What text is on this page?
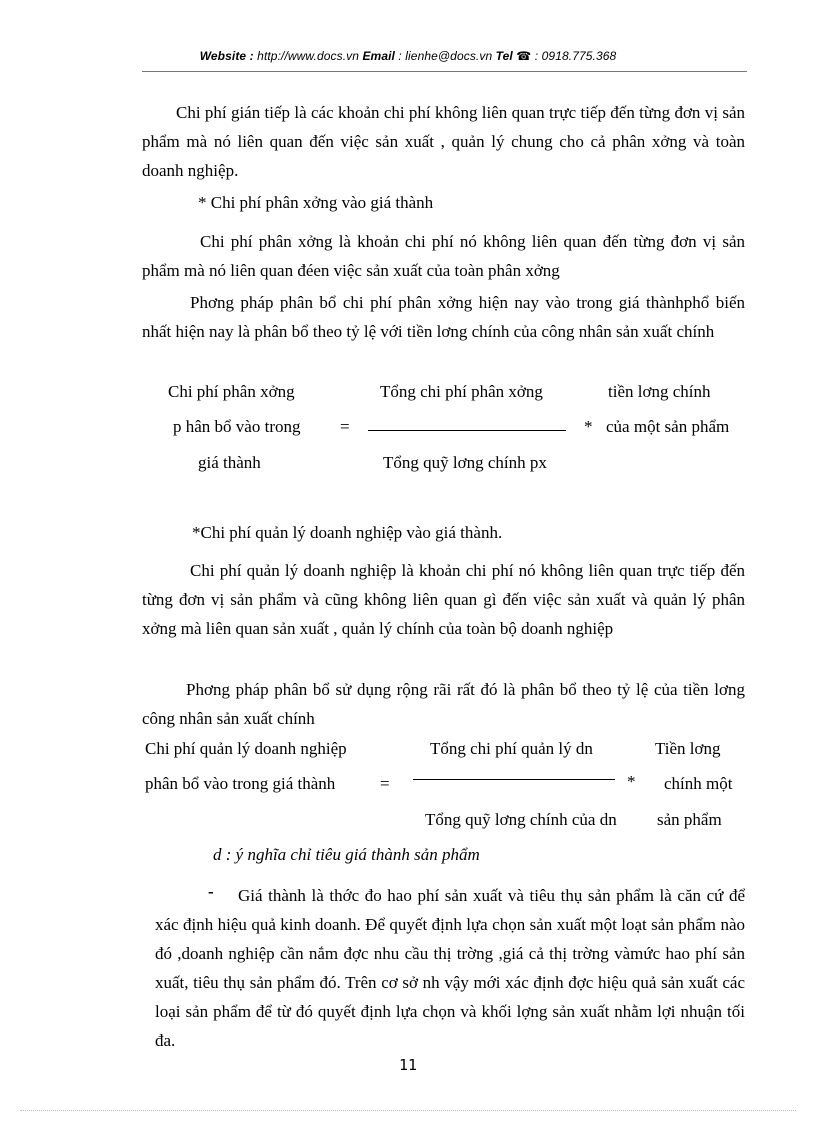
Website : http://www.docs.vn Email : lienhe@docs.vn Tel ☎ : 0918.775.368

Chi phí gián tiếp là các khoản chi phí không liên quan trực tiếp đến từng đơn vị sản phẩm mà nó liên quan đến việc sản xuất , quản lý chung cho cả phân xởng và toàn doanh nghiệp.

* Chi phí phân xởng vào giá thành

Chi phí phân xởng là khoản chi phí nó không liên quan đến từng đơn vị sản phẩm mà nó liên quan đéen việc sản xuất của toàn phân xởng

Phơng pháp phân bổ chi phí phân xởng hiện nay vào trong giá thànhphổ biến nhất hiện nay là phân bổ theo tỷ lệ với tiền lơng chính của công nhân sản xuất chính

Chi phí phân xởng
p hân bổ vào trong
giá thành
=
Tổng chi phí phân xởng
Tổng quỹ lơng chính px
*
tiền lơng chính
của một sản phẩm

*Chi phí quản lý doanh nghiệp vào giá thành.

Chi phí quản lý doanh nghiệp là khoản chi phí nó không liên quan trực tiếp đến từng đơn vị sản phẩm và cũng không liên quan gì đến việc sản xuất và quản lý phân xởng mà liên quan sản xuất , quản lý chính của toàn bộ doanh nghiệp

Phơng pháp phân bổ sử dụng rộng rãi rất đó là phân bổ theo tỷ lệ của tiền lơng công nhân sản xuất chính

Chi phí quản lý doanh nghiệp
phân bổ vào trong giá thành	=
Tổng chi phí quản lý dn
Tổng quỹ lơng chính của dn
*
Tiền lơng
chính một
sản phẩm

d : ý nghĩa chỉ tiêu giá thành sản phẩm

-	Giá thành là thớc đo hao phí sản xuất và tiêu thụ sản phẩm là căn cứ để xác định hiệu quả kinh doanh. Để quyết định lựa chọn sản xuất một loạt sản phẩm nào đó ,doanh nghiệp cần nắm đợc nhu cầu thị trờng ,giá cả thị trờng vàmức hao phí sản xuất, tiêu thụ sản phẩm đó. Trên cơ sở nh vậy mới xác định đợc hiệu quả sản xuất các loại sản phẩm để từ đó quyết định lựa chọn và khối lợng sản xuất nhằm lợi nhuận tối đa.

11
